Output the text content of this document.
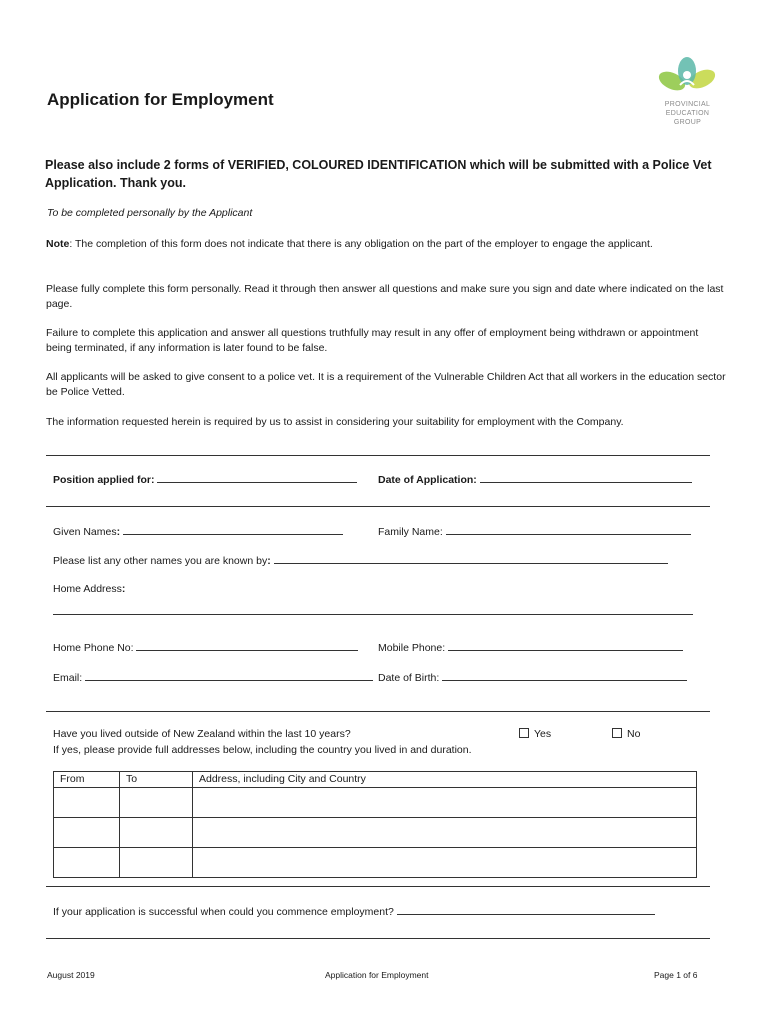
Application for Employment	PROVINCIAL
EDUCATION
GROUP
Please also include 2 forms of VERIFIED, COLOURED IDENTIFICATION which will be submitted with a Police Vet Application. Thank you.
To be completed personally by the Applicant
Note: The completion of this form does not indicate that there is any obligation on the part of the employer to engage the applicant.
Please fully complete this form personally. Read it through then answer all questions and make sure you sign and date where indicated on the last page.
Failure to complete this application and answer all questions truthfully may result in any offer of employment being withdrawn or appointment being terminated, if any information is later found to be false.
All applicants will be asked to give consent to a police vet. It is a requirement of the Vulnerable Children Act that all workers in the education sector be Police Vetted.
The information requested herein is required by us to assist in considering your suitability for employment with the Company.
Position applied for:	Date of Application:
Given Names:	Family Name:
Please list any other names you are known by:
Home Address:
Home Phone No:	Mobile Phone:
Email:	Date of Birth:
Have you lived outside of New Zealand within the last 10 years?	Yes	No
If yes, please provide full addresses below, including the country you lived in and duration.
From	To	Address, including City and Country

If your application is successful when could you commence employment?
August 2019	Application for Employment	Page 1 of 6
